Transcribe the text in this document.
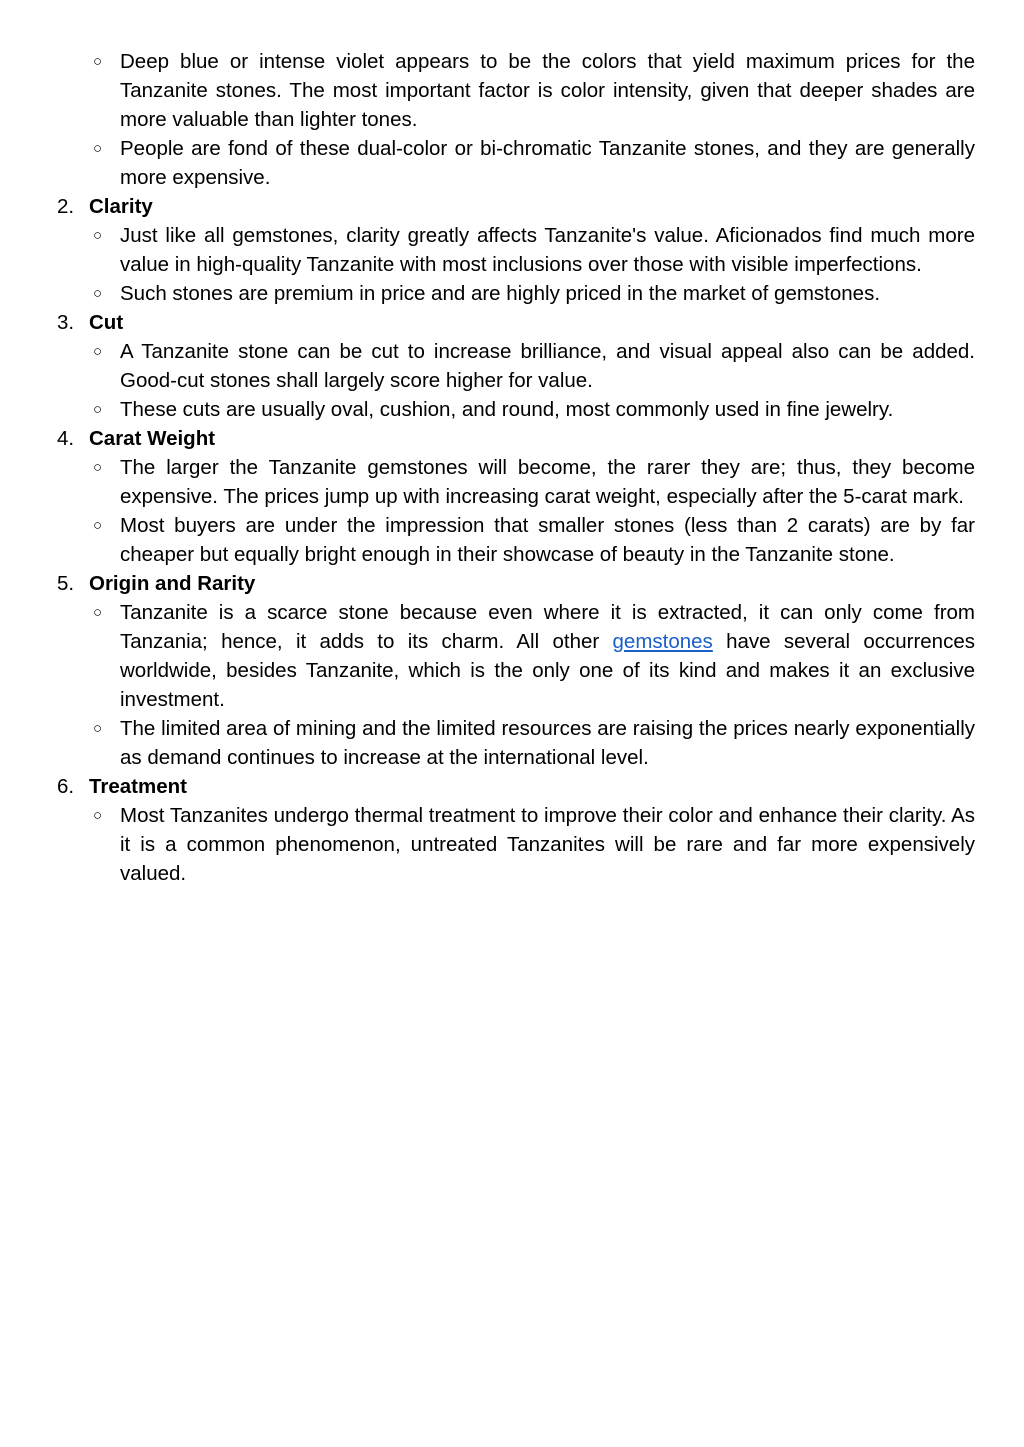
○ Deep blue or intense violet appears to be the colors that yield maximum prices for the Tanzanite stones. The most important factor is color intensity, given that deeper shades are more valuable than lighter tones.
○ People are fond of these dual-color or bi-chromatic Tanzanite stones, and they are generally more expensive.
2. Clarity
○ Just like all gemstones, clarity greatly affects Tanzanite's value. Aficionados find much more value in high-quality Tanzanite with most inclusions over those with visible imperfections.
○ Such stones are premium in price and are highly priced in the market of gemstones.
3. Cut
○ A Tanzanite stone can be cut to increase brilliance, and visual appeal also can be added. Good-cut stones shall largely score higher for value.
○ These cuts are usually oval, cushion, and round, most commonly used in fine jewelry.
4. Carat Weight
○ The larger the Tanzanite gemstones will become, the rarer they are; thus, they become expensive. The prices jump up with increasing carat weight, especially after the 5-carat mark.
○ Most buyers are under the impression that smaller stones (less than 2 carats) are by far cheaper but equally bright enough in their showcase of beauty in the Tanzanite stone.
5. Origin and Rarity
○ Tanzanite is a scarce stone because even where it is extracted, it can only come from Tanzania; hence, it adds to its charm. All other gemstones have several occurrences worldwide, besides Tanzanite, which is the only one of its kind and makes it an exclusive investment.
○ The limited area of mining and the limited resources are raising the prices nearly exponentially as demand continues to increase at the international level.
6. Treatment
○ Most Tanzanites undergo thermal treatment to improve their color and enhance their clarity. As it is a common phenomenon, untreated Tanzanites will be rare and far more expensively valued.
